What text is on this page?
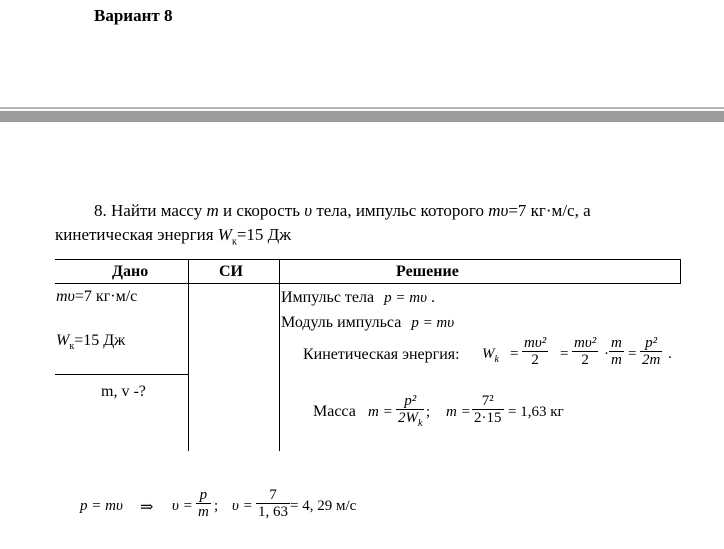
Вариант 8
8. Найти массу m и скорость υ тела, импульс которого mυ=7 кг·м/с, а
кинетическая энергия $W_к=15$ Дж
Дано	СИ	Решение
mυ=7 кг·м/с
$W_к=15$ Дж
m, v -?
Импульс тела p = mυ .
Модуль импульса p = mυ
Кинетическая энергия: $W_k$ =
mυ²
2 =
mυ²
2 ·
m
m =
p²
2m .
Масса m =
p²
$2W_k$
; m =
7²
2·15 = 1,63 кг
p = mυ ⇒ υ =
p
m ; υ =
7
1, 63 = 4, 29 м/с
